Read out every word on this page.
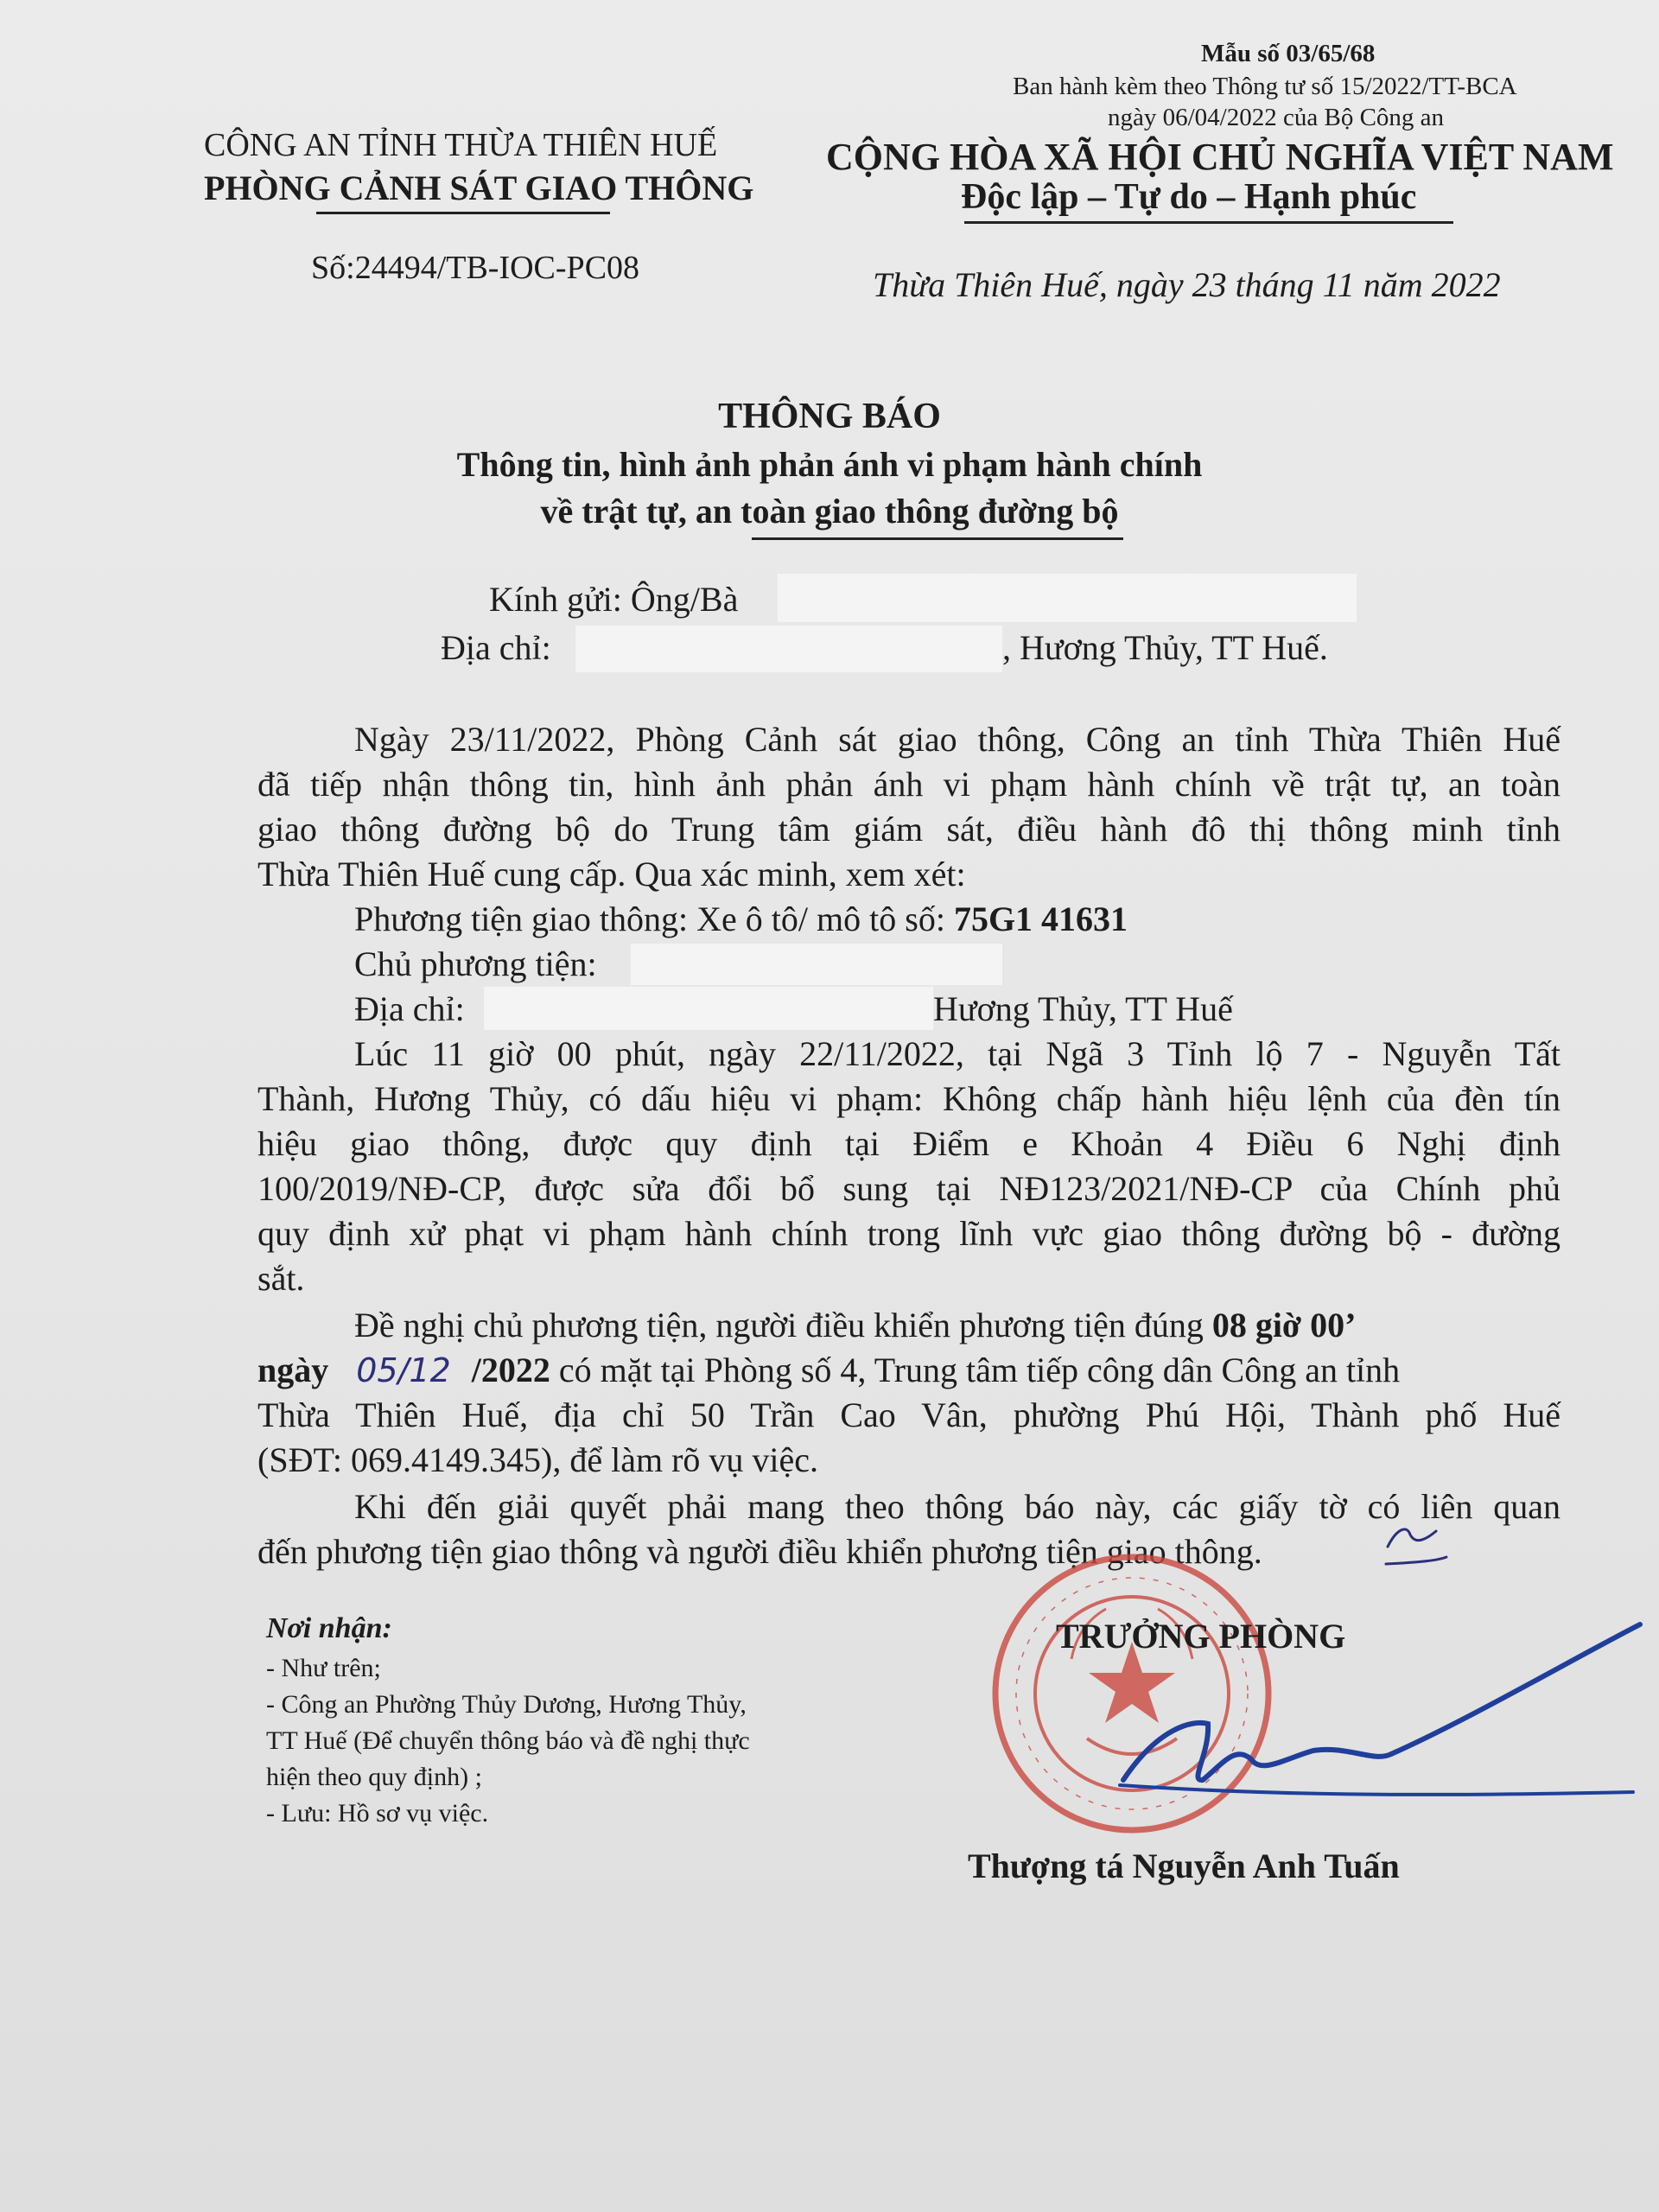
Mẫu số 03/65/68
Ban hành kèm theo Thông tư số 15/2022/TT-BCA
ngày 06/04/2022 của Bộ Công an
CÔNG AN TỈNH THỪA THIÊN HUẾ
PHÒNG CẢNH SÁT GIAO THÔNG
CỘNG HÒA XÃ HỘI CHỦ NGHĨA VIỆT NAM
Độc lập – Tự do – Hạnh phúc
Số:24494/TB-IOC-PC08	Thừa Thiên Huế, ngày 23 tháng 11 năm 2022
THÔNG BÁO
Thông tin, hình ảnh phản ánh vi phạm hành chính
về trật tự, an toàn giao thông đường bộ
Kính gửi: Ông/Bà
Địa chỉ:	, Hương Thủy, TT Huế.
Ngày 23/11/2022, Phòng Cảnh sát giao thông, Công an tỉnh Thừa Thiên Huế
đã tiếp nhận thông tin, hình ảnh phản ánh vi phạm hành chính về trật tự, an toàn
giao thông đường bộ do Trung tâm giám sát, điều hành đô thị thông minh tỉnh
Thừa Thiên Huế cung cấp. Qua xác minh, xem xét:
Phương tiện giao thông: Xe ô tô/ mô tô số: 75G1 41631
Chủ phương tiện:
Địa chỉ:	Hương Thủy, TT Huế
Lúc 11 giờ 00 phút, ngày 22/11/2022, tại Ngã 3 Tỉnh lộ 7 - Nguyễn Tất
Thành, Hương Thủy, có dấu hiệu vi phạm: Không chấp hành hiệu lệnh của đèn tín
hiệu giao thông, được quy định tại Điểm e Khoản 4 Điều 6 Nghị định
100/2019/NĐ-CP, được sửa đổi bổ sung tại NĐ123/2021/NĐ-CP của Chính phủ
quy định xử phạt vi phạm hành chính trong lĩnh vực giao thông đường bộ - đường
sắt.
Đề nghị chủ phương tiện, người điều khiển phương tiện đúng 08 giờ 00’
ngày 05/12 /2022 có mặt tại Phòng số 4, Trung tâm tiếp công dân Công an tỉnh
Thừa Thiên Huế, địa chỉ 50 Trần Cao Vân, phường Phú Hội, Thành phố Huế
(SĐT: 069.4149.345), để làm rõ vụ việc.
Khi đến giải quyết phải mang theo thông báo này, các giấy tờ có liên quan
đến phương tiện giao thông và người điều khiển phương tiện giao thông.
Nơi nhận:
- Như trên;
- Công an Phường Thủy Dương, Hương Thủy,
TT Huế (Để chuyển thông báo và đề nghị thực
hiện theo quy định) ;
- Lưu: Hồ sơ vụ việc.
TRƯỞNG PHÒNG
Thượng tá Nguyễn Anh Tuấn
